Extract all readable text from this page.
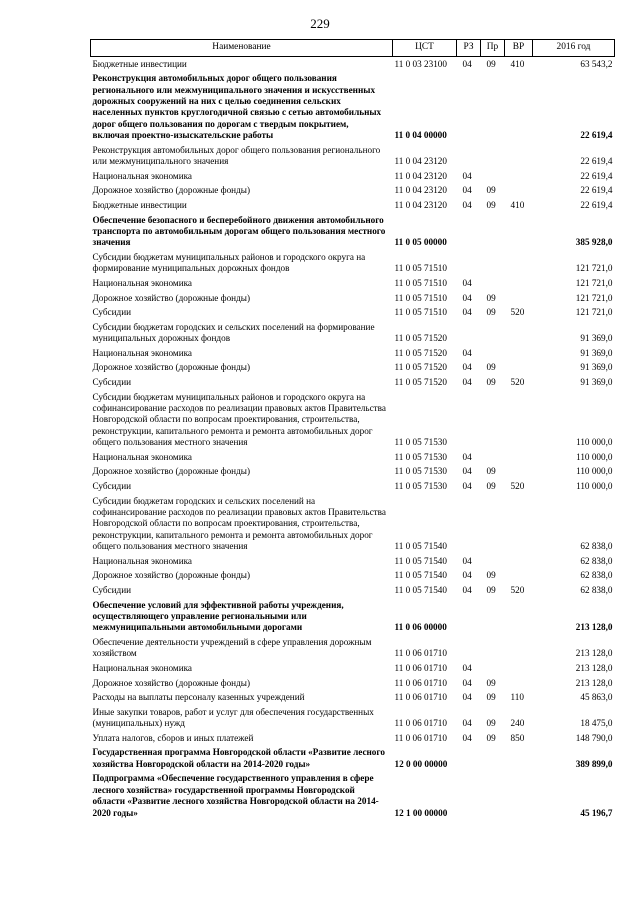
229
Наименование	ЦСТ	РЗ	Пр	ВР	2016 год
Бюджетные инвестиции	11 0 03 23100	04	09	410	63 543,2
Реконструкция автомобильных дорог общего пользования регионального или межмуниципального значения и искусственных дорожных сооружений на них с целью соединения сельских населенных пунктов круглогодичной связью с сетью автомобильных дорог общего пользования по дорогам с твердым покрытием, включая проектно-изыскательские работы	11 0 04 00000				22 619,4
Реконструкция автомобильных дорог общего пользования регионального или межмуниципального значения	11 0 04 23120				22 619,4
Национальная экономика	11 0 04 23120	04			22 619,4
Дорожное хозяйство (дорожные фонды)	11 0 04 23120	04	09		22 619,4
Бюджетные инвестиции	11 0 04 23120	04	09	410	22 619,4
Обеспечение безопасного и бесперебойного движения автомобильного транспорта по автомобильным дорогам общего пользования местного значения	11 0 05 00000				385 928,0
Субсидии бюджетам муниципальных районов и городского округа на формирование муниципальных дорожных фондов	11 0 05 71510				121 721,0
Национальная экономика	11 0 05 71510	04			121 721,0
Дорожное хозяйство (дорожные фонды)	11 0 05 71510	04	09		121 721,0
Субсидии	11 0 05 71510	04	09	520	121 721,0
Субсидии бюджетам городских и сельских поселений на формирование муниципальных дорожных фондов	11 0 05 71520				91 369,0
Национальная экономика	11 0 05 71520	04			91 369,0
Дорожное хозяйство (дорожные фонды)	11 0 05 71520	04	09		91 369,0
Субсидии	11 0 05 71520	04	09	520	91 369,0
Субсидии бюджетам муниципальных районов и городского округа на софинансирование расходов по реализации правовых актов Правительства Новгородской области по вопросам проектирования, строительства, реконструкции, капитального ремонта и ремонта автомобильных дорог общего пользования местного значения	11 0 05 71530				110 000,0
Национальная экономика	11 0 05 71530	04			110 000,0
Дорожное хозяйство (дорожные фонды)	11 0 05 71530	04	09		110 000,0
Субсидии	11 0 05 71530	04	09	520	110 000,0
Субсидии бюджетам городских и сельских поселений на софинансирование расходов по реализации правовых актов Правительства Новгородской области по вопросам проектирования, строительства, реконструкции, капитального ремонта и ремонта автомобильных дорог общего пользования местного значения	11 0 05 71540				62 838,0
Национальная экономика	11 0 05 71540	04			62 838,0
Дорожное хозяйство (дорожные фонды)	11 0 05 71540	04	09		62 838,0
Субсидии	11 0 05 71540	04	09	520	62 838,0
Обеспечение условий для эффективной работы учреждения, осуществляющего управление региональными или межмуниципальными автомобильными дорогами	11 0 06 00000				213 128,0
Обеспечение деятельности учреждений в сфере управления дорожным хозяйством	11 0 06 01710				213 128,0
Национальная экономика	11 0 06 01710	04			213 128,0
Дорожное хозяйство (дорожные фонды)	11 0 06 01710	04	09		213 128,0
Расходы на выплаты персоналу казенных учреждений	11 0 06 01710	04	09	110	45 863,0
Иные закупки товаров, работ и услуг для обеспечения государственных (муниципальных) нужд	11 0 06 01710	04	09	240	18 475,0
Уплата налогов, сборов и иных платежей	11 0 06 01710	04	09	850	148 790,0
Государственная программа Новгородской области «Развитие лесного хозяйства Новгородской области на 2014-2020 годы»	12 0 00 00000				389 899,0
Подпрограмма «Обеспечение государственного управления в сфере лесного хозяйства» государственной программы Новгородской области «Развитие лесного хозяйства Новгородской области на 2014-2020 годы»	12 1 00 00000				45 196,7
